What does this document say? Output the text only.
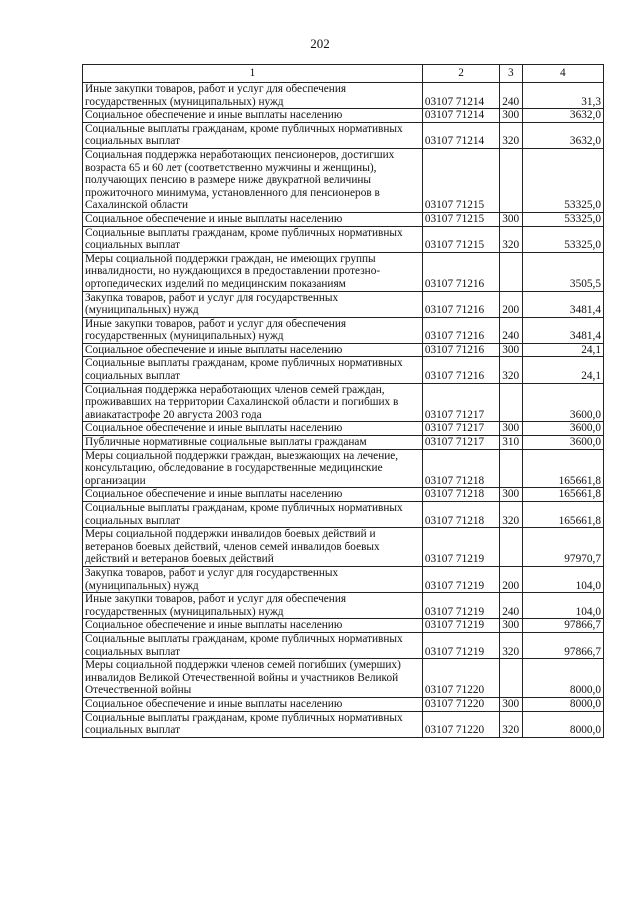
202
1	2	3	4
Иные закупки товаров, работ и услуг для обеспечения государственных (муниципальных) нужд	03107 71214	240	31,3
Социальное обеспечение и иные выплаты населению	03107 71214	300	3632,0
Социальные выплаты гражданам, кроме публичных нормативных социальных выплат	03107 71214	320	3632,0
Социальная поддержка неработающих пенсионеров, достигших возраста 65 и 60 лет (соответственно мужчины и женщины), получающих пенсию в размере ниже двукратной величины прожиточного минимума, установленного для пенсионеров в Сахалинской области	03107 71215		53325,0
Социальное обеспечение и иные выплаты населению	03107 71215	300	53325,0
Социальные выплаты гражданам, кроме публичных нормативных социальных выплат	03107 71215	320	53325,0
Меры социальной поддержки граждан, не имеющих группы инвалидности, но нуждающихся в предоставлении протезно-ортопедических изделий по медицинским показаниям	03107 71216		3505,5
Закупка товаров, работ и услуг для государственных (муниципальных) нужд	03107 71216	200	3481,4
Иные закупки товаров, работ и услуг для обеспечения государственных (муниципальных) нужд	03107 71216	240	3481,4
Социальное обеспечение и иные выплаты населению	03107 71216	300	24,1
Социальные выплаты гражданам, кроме публичных нормативных социальных выплат	03107 71216	320	24,1
Социальная поддержка неработающих членов семей граждан, проживавших на территории Сахалинской области и погибших в авиакатастрофе 20 августа 2003 года	03107 71217		3600,0
Социальное обеспечение и иные выплаты населению	03107 71217	300	3600,0
Публичные нормативные социальные выплаты гражданам	03107 71217	310	3600,0
Меры социальной поддержки граждан, выезжающих на лечение, консультацию, обследование в государственные медицинские организации	03107 71218		165661,8
Социальное обеспечение и иные выплаты населению	03107 71218	300	165661,8
Социальные выплаты гражданам, кроме публичных нормативных социальных выплат	03107 71218	320	165661,8
Меры социальной поддержки инвалидов боевых действий и ветеранов боевых действий, членов семей инвалидов боевых действий и ветеранов боевых действий	03107 71219		97970,7
Закупка товаров, работ и услуг для государственных (муниципальных) нужд	03107 71219	200	104,0
Иные закупки товаров, работ и услуг для обеспечения государственных (муниципальных) нужд	03107 71219	240	104,0
Социальное обеспечение и иные выплаты населению	03107 71219	300	97866,7
Социальные выплаты гражданам, кроме публичных нормативных социальных выплат	03107 71219	320	97866,7
Меры социальной поддержки членов семей погибших (умерших) инвалидов Великой Отечественной войны и участников Великой Отечественной войны	03107 71220		8000,0
Социальное обеспечение и иные выплаты населению	03107 71220	300	8000,0
Социальные выплаты гражданам, кроме публичных нормативных социальных выплат	03107 71220	320	8000,0
